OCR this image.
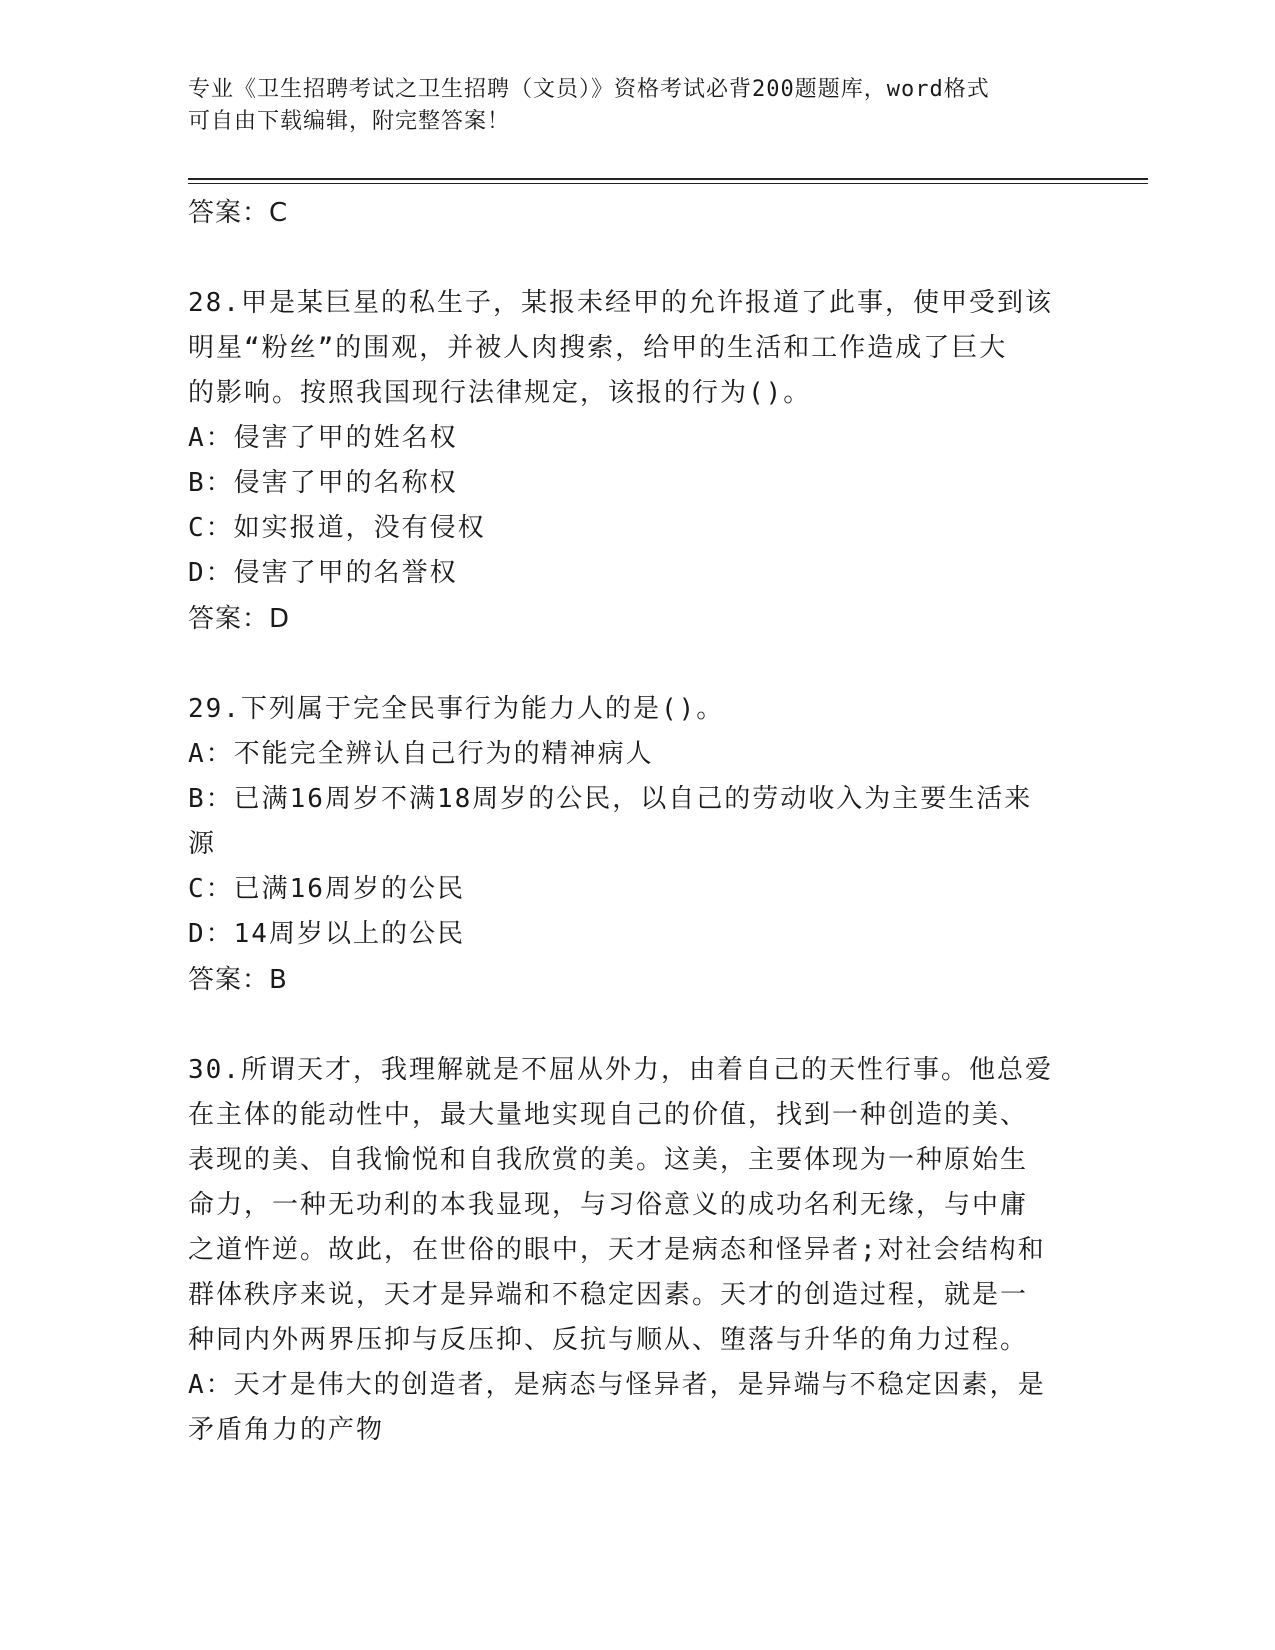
专业《卫生招聘考试之卫生招聘（文员）》资格考试必背200题题库，word格式
可自由下载编辑，附完整答案！

答案：C

28.甲是某巨星的私生子，某报未经甲的允许报道了此事，使甲受到该

明星“粉丝”的围观，并被人肉搜索，给甲的生活和工作造成了巨大

的影响。按照我国现行法律规定，该报的行为()。

A：侵害了甲的姓名权

B：侵害了甲的名称权

C：如实报道，没有侵权

D：侵害了甲的名誉权

答案：D

29.下列属于完全民事行为能力人的是()。

A：不能完全辨认自己行为的精神病人

B：已满16周岁不满18周岁的公民，以自己的劳动收入为主要生活来

源

C：已满16周岁的公民

D：14周岁以上的公民

答案：B

30.所谓天才，我理解就是不屈从外力，由着自己的天性行事。他总爱

在主体的能动性中，最大量地实现自己的价值，找到一种创造的美、

表现的美、自我愉悦和自我欣赏的美。这美，主要体现为一种原始生

命力，一种无功利的本我显现，与习俗意义的成功名利无缘，与中庸

之道忤逆。故此，在世俗的眼中，天才是病态和怪异者;对社会结构和

群体秩序来说，天才是异端和不稳定因素。天才的创造过程，就是一

种同内外两界压抑与反压抑、反抗与顺从、堕落与升华的角力过程。

A：天才是伟大的创造者，是病态与怪异者，是异端与不稳定因素，是

矛盾角力的产物
